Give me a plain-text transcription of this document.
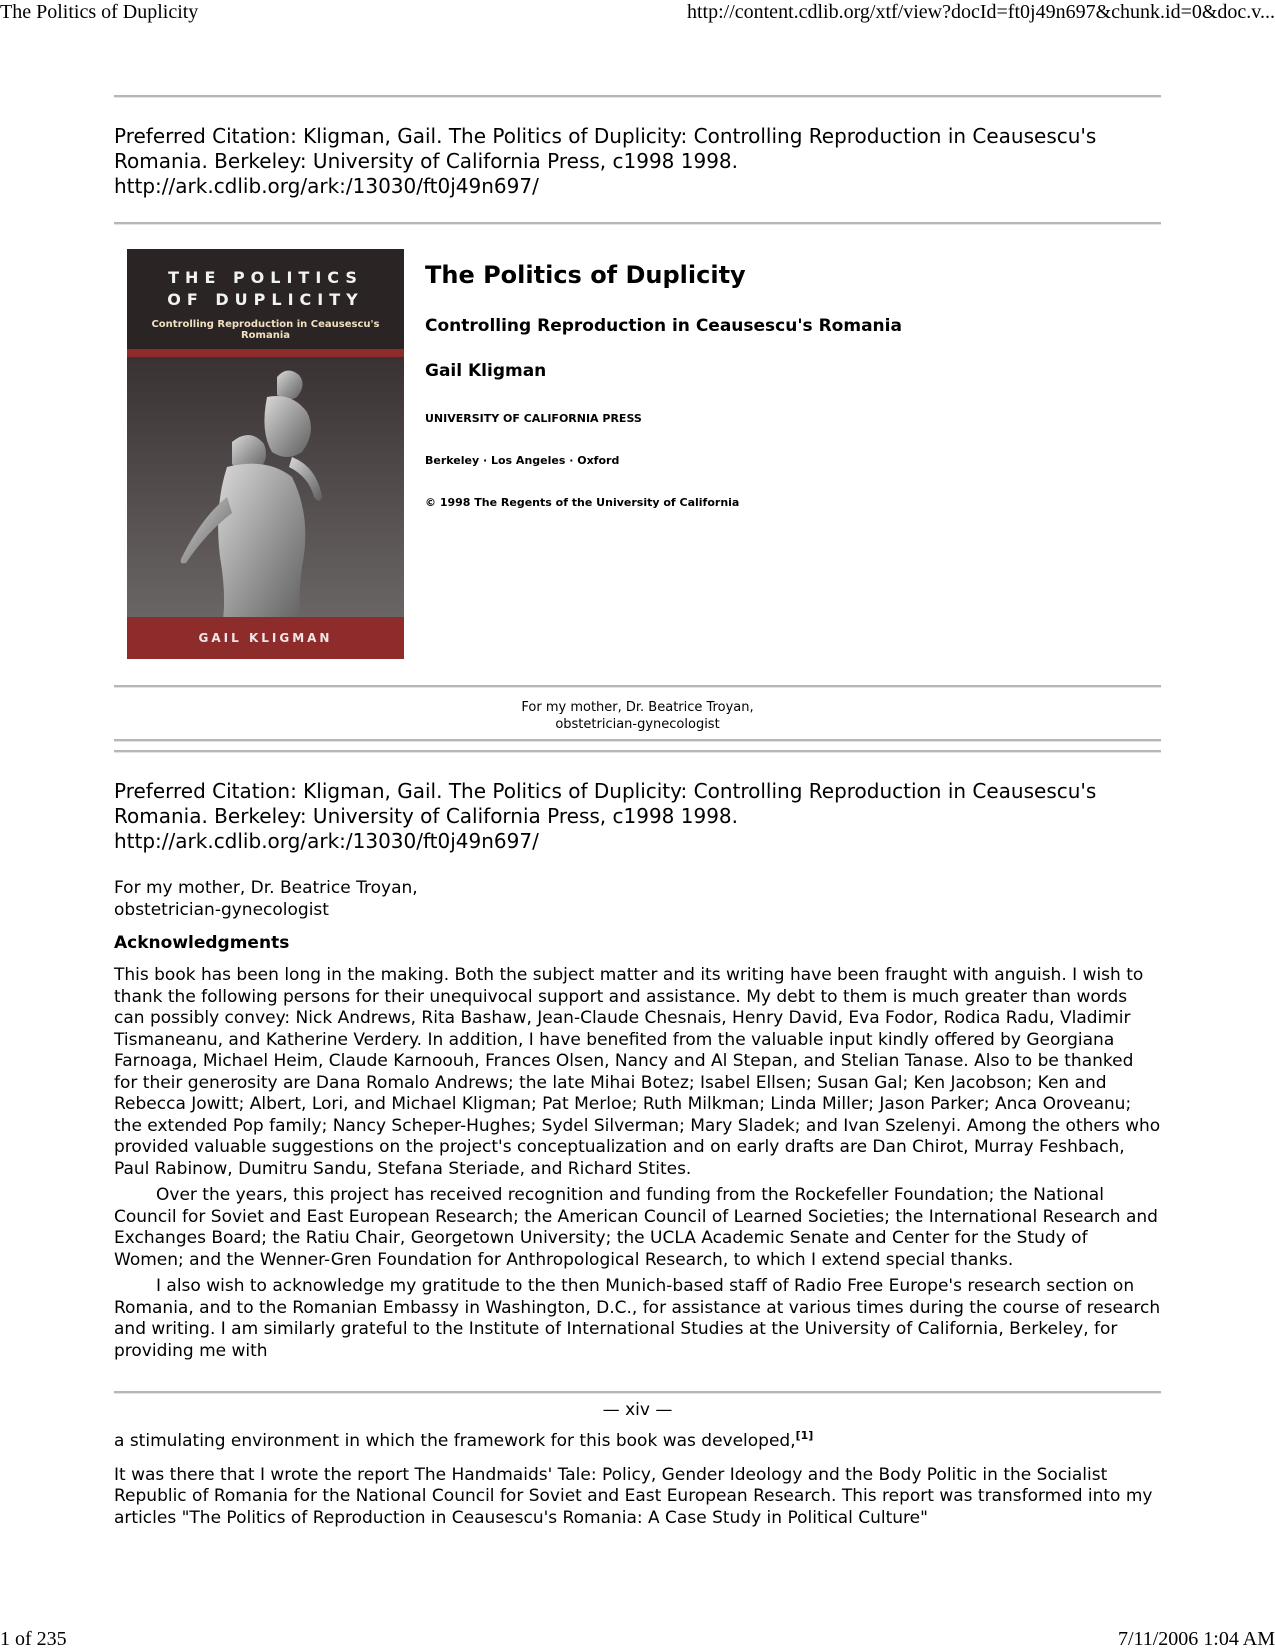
The Politics of Duplicity	http://content.cdlib.org/xtf/view?docId=ft0j49n697&chunk.id=0&doc.v...
Preferred Citation: Kligman, Gail. The Politics of Duplicity: Controlling Reproduction in Ceausescu's
Romania. Berkeley: University of California Press, c1998 1998.
http://ark.cdlib.org/ark:/13030/ft0j49n697/
THE POLITICS
OF DUPLICITY
Controlling Reproduction in Ceausescu's Romania
GAIL KLIGMAN
The Politics of Duplicity
Controlling Reproduction in Ceausescu's Romania
Gail Kligman
UNIVERSITY OF CALIFORNIA PRESS
Berkeley · Los Angeles · Oxford
© 1998 The Regents of the University of California
For my mother, Dr. Beatrice Troyan,
obstetrician-gynecologist
Preferred Citation: Kligman, Gail. The Politics of Duplicity: Controlling Reproduction in Ceausescu's
Romania. Berkeley: University of California Press, c1998 1998.
http://ark.cdlib.org/ark:/13030/ft0j49n697/
For my mother, Dr. Beatrice Troyan,
obstetrician-gynecologist
Acknowledgments

This book has been long in the making. Both the subject matter and its writing have been fraught with anguish. I wish to thank the following persons for their unequivocal support and assistance. My debt to them is much greater than words can possibly convey: Nick Andrews, Rita Bashaw, Jean-Claude Chesnais, Henry David, Eva Fodor, Rodica Radu, Vladimir Tismaneanu, and Katherine Verdery. In addition, I have benefited from the valuable input kindly offered by Georgiana Farnoaga, Michael Heim, Claude Karnoouh, Frances Olsen, Nancy and Al Stepan, and Stelian Tanase. Also to be thanked for their generosity are Dana Romalo Andrews; the late Mihai Botez; Isabel Ellsen; Susan Gal; Ken Jacobson; Ken and Rebecca Jowitt; Albert, Lori, and Michael Kligman; Pat Merloe; Ruth Milkman; Linda Miller; Jason Parker; Anca Oroveanu; the extended Pop family; Nancy Scheper-Hughes; Sydel Silverman; Mary Sladek; and Ivan Szelenyi. Among the others who provided valuable suggestions on the project's conceptualization and on early drafts are Dan Chirot, Murray Feshbach, Paul Rabinow, Dumitru Sandu, Stefana Steriade, and Richard Stites.

Over the years, this project has received recognition and funding from the Rockefeller Foundation; the National Council for Soviet and East European Research; the American Council of Learned Societies; the International Research and Exchanges Board; the Ratiu Chair, Georgetown University; the UCLA Academic Senate and Center for the Study of Women; and the Wenner-Gren Foundation for Anthropological Research, to which I extend special thanks.

I also wish to acknowledge my gratitude to the then Munich-based staff of Radio Free Europe's research section on Romania, and to the Romanian Embassy in Washington, D.C., for assistance at various times during the course of research and writing. I am similarly grateful to the Institute of International Studies at the University of California, Berkeley, for providing me with

— xiv —

a stimulating environment in which the framework for this book was developed,[1]

It was there that I wrote the report The Handmaids' Tale: Policy, Gender Ideology and the Body Politic in the Socialist Republic of Romania for the National Council for Soviet and East European Research. This report was transformed into my articles "The Politics of Reproduction in Ceausescu's Romania: A Case Study in Political Culture"

1 of 235	7/11/2006 1:04 AM
